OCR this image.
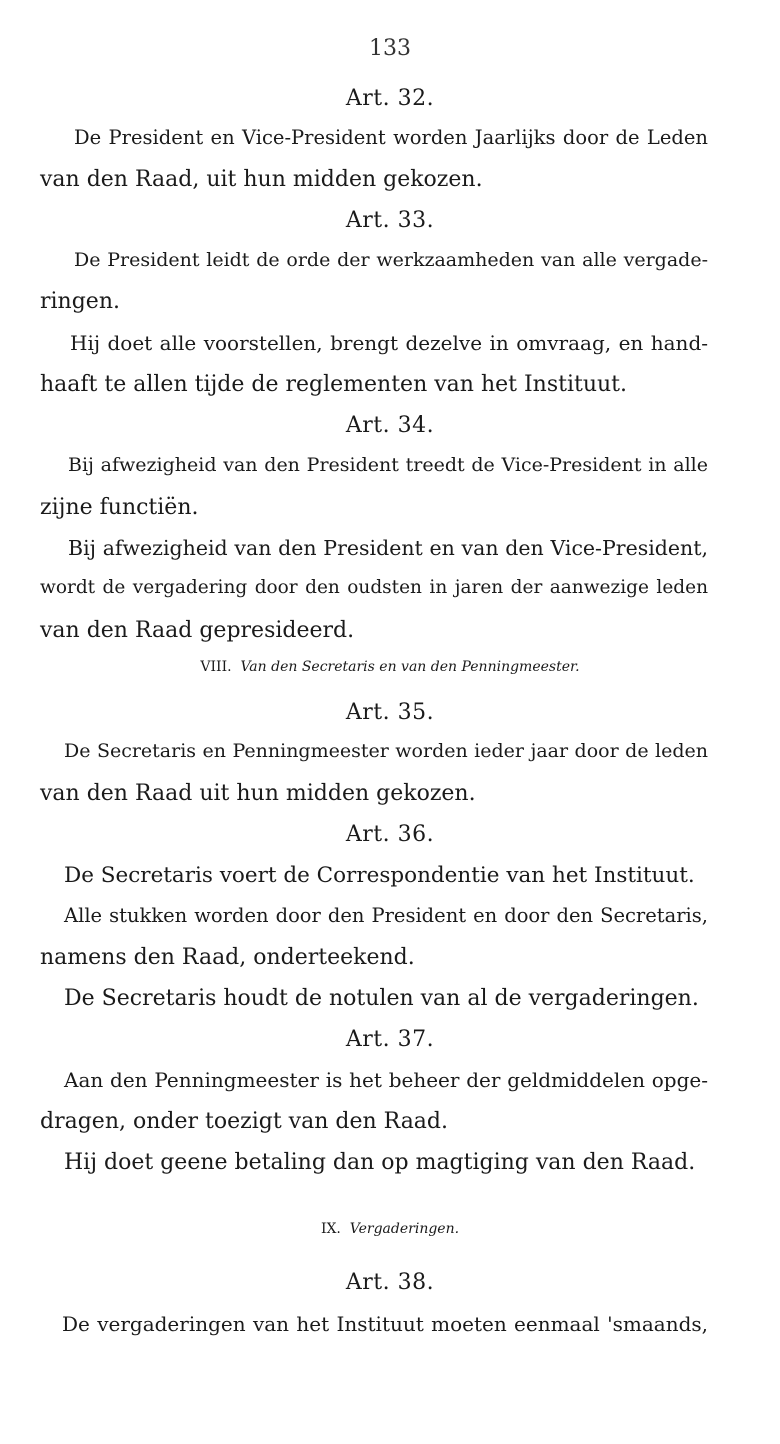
133
Art. 32.
De President en Vice-President worden Jaarlijks door de Leden
van den Raad, uit hun midden gekozen.
Art. 33.
De President leidt de orde der werkzaamheden van alle vergade-
ringen.
Hij doet alle voorstellen, brengt dezelve in omvraag, en hand-
haaft te allen tijde de reglementen van het Instituut.
Art. 34.
Bij afwezigheid van den President treedt de Vice-President in alle
zijne functiën.
Bij afwezigheid van den President en van den Vice-President,
wordt de vergadering door den oudsten in jaren der aanwezige leden
van den Raad gepresideerd.
VIII. Van den Secretaris en van den Penningmeester.
Art. 35.
De Secretaris en Penningmeester worden ieder jaar door de leden
van den Raad uit hun midden gekozen.
Art. 36.
De Secretaris voert de Correspondentie van het Instituut.
Alle stukken worden door den President en door den Secretaris,
namens den Raad, onderteekend.
De Secretaris houdt de notulen van al de vergaderingen.
Art. 37.
Aan den Penningmeester is het beheer der geldmiddelen opge-
dragen, onder toezigt van den Raad.
Hij doet geene betaling dan op magtiging van den Raad.
IX. Vergaderingen.
Art. 38.
De vergaderingen van het Instituut moeten eenmaal 'smaands,
